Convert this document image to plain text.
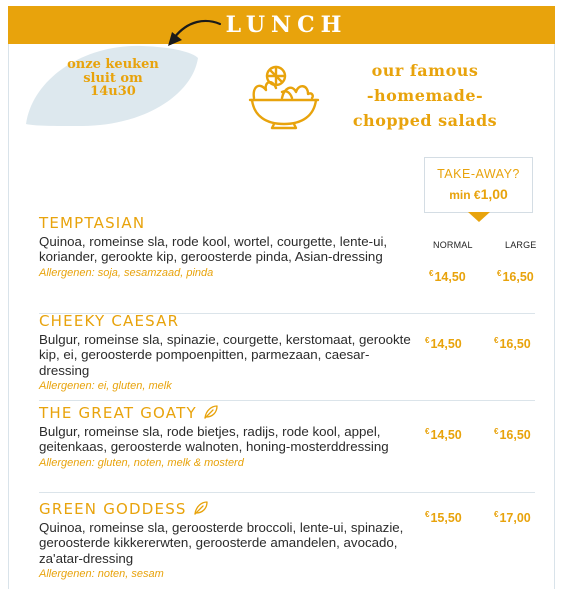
LUNCH
onze keuken
sluit om
14u30
our famous
-homemade-
chopped salads
TAKE-AWAY?
min €1,00
NORMAL	LARGE
TEMPTASIAN
Quinoa, romeinse sla, rode kool, wortel, courgette, lente-ui, koriander, gerookte kip, geroosterde pinda, Asian-dressing
Allergenen: soja, sesamzaad, pinda	€14,50	€16,50
CHEEKY CAESAR
Bulgur, romeinse sla, spinazie, courgette, kerstomaat, gerookte kip, ei, geroosterde pompoenpitten, parmezaan, caesar-dressing
Allergenen: ei, gluten, melk
€14,50	€16,50
THE GREAT GOATY
Bulgur, romeinse sla, rode bietjes, radijs, rode kool, appel, geitenkaas, geroosterde walnoten, honing-mosterddressing
Allergenen: gluten, noten, melk & mosterd
€14,50	€16,50
GREEN GODDESS
Quinoa, romeinse sla, geroosterde broccoli, lente-ui, spinazie, geroosterde kikkererwten, geroosterde amandelen, avocado, za'atar-dressing
Allergenen: noten, sesam
€15,50	€17,00
